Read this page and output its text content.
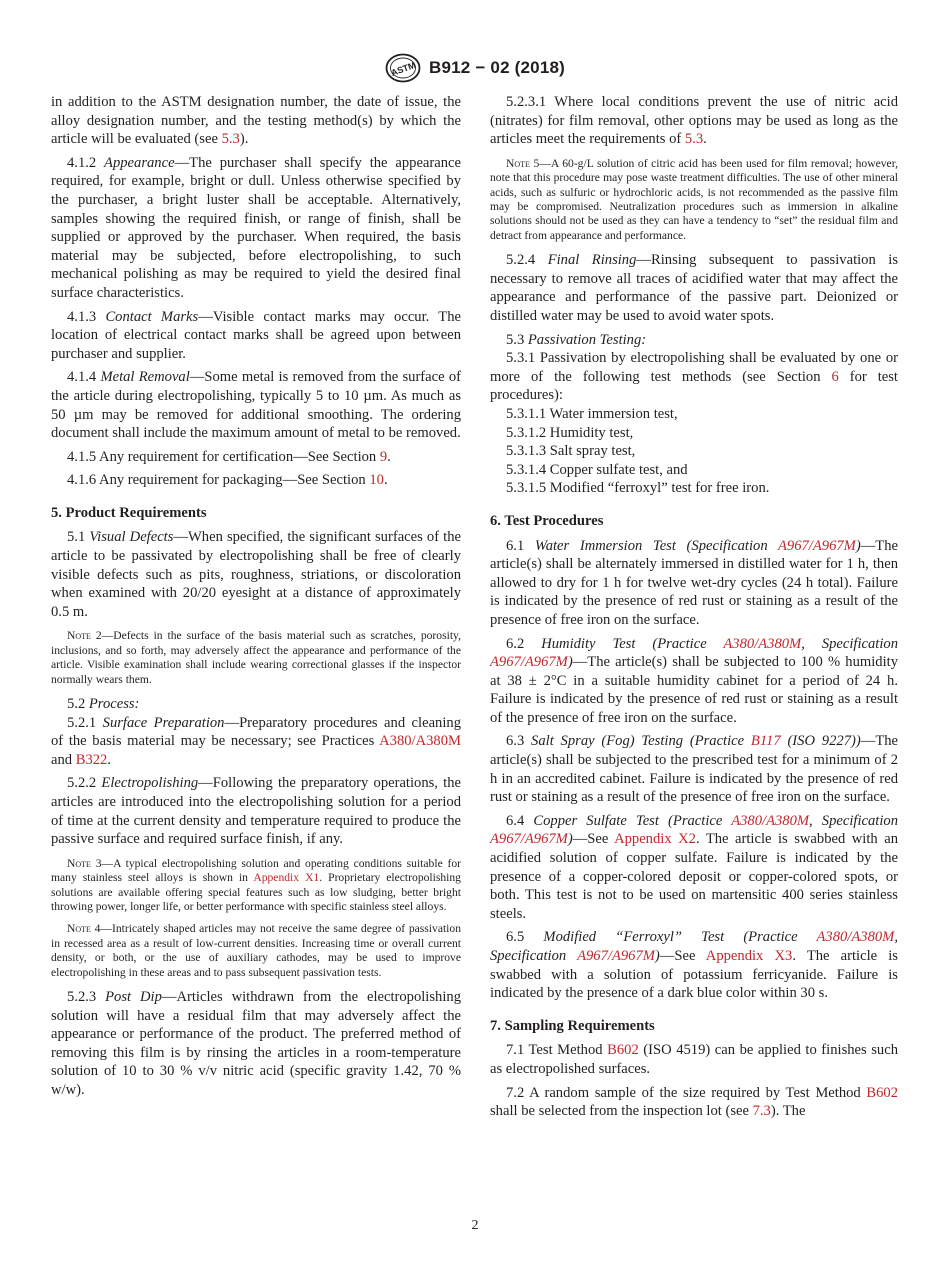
ASTM B912 − 02 (2018)

in addition to the ASTM designation number, the date of issue, the alloy designation number, and the testing method(s) by which the article will be evaluated (see 5.3).

4.1.2 Appearance—The purchaser shall specify the appearance required, for example, bright or dull. Unless otherwise specified by the purchaser, a bright luster shall be acceptable. Alternatively, samples showing the required finish, or range of finish, shall be supplied or approved by the purchaser. When required, the basis material may be subjected, before electropolishing, to such mechanical polishing as may be required to yield the desired final surface characteristics.

4.1.3 Contact Marks—Visible contact marks may occur. The location of electrical contact marks shall be agreed upon between purchaser and supplier.

4.1.4 Metal Removal—Some metal is removed from the surface of the article during electropolishing, typically 5 to 10 µm. As much as 50 µm may be removed for additional smoothing. The ordering document shall include the maximum amount of metal to be removed.

4.1.5 Any requirement for certification—See Section 9.

4.1.6 Any requirement for packaging—See Section 10.

5. Product Requirements

5.1 Visual Defects—When specified, the significant surfaces of the article to be passivated by electropolishing shall be free of clearly visible defects such as pits, roughness, striations, or discoloration when examined with 20/20 eyesight at a distance of approximately 0.5 m.

Note 2—Defects in the surface of the basis material such as scratches, porosity, inclusions, and so forth, may adversely affect the appearance and performance of the article. Visible examination shall include wearing correctional glasses if the inspector normally wears them.

5.2 Process:

5.2.1 Surface Preparation—Preparatory procedures and cleaning of the basis material may be necessary; see Practices A380/A380M and B322.

5.2.2 Electropolishing—Following the preparatory operations, the articles are introduced into the electropolishing solution for a period of time at the current density and temperature required to produce the passive surface and required surface finish, if any.

Note 3—A typical electropolishing solution and operating conditions suitable for many stainless steel alloys is shown in Appendix X1. Proprietary electropolishing solutions are available offering special features such as low sludging, better bright throwing power, longer life, or better performance with specific stainless steel alloys.
Note 4—Intricately shaped articles may not receive the same degree of passivation in recessed area as a result of low-current densities. Increasing time or overall current density, or both, or the use of auxiliary cathodes, may be used to improve electropolishing in these areas and to pass subsequent passivation tests.

5.2.3 Post Dip—Articles withdrawn from the electropolishing solution will have a residual film that may adversely affect the appearance or performance of the product. The preferred method of removing this film is by rinsing the articles in a room-temperature solution of 10 to 30 % v/v nitric acid (specific gravity 1.42, 70 % w/w).

5.2.3.1 Where local conditions prevent the use of nitric acid (nitrates) for film removal, other options may be used as long as the articles meet the requirements of 5.3.

Note 5—A 60-g/L solution of citric acid has been used for film removal; however, note that this procedure may pose waste treatment difficulties. The use of other mineral acids, such as sulfuric or hydrochloric acids, is not recommended as the passive film may be compromised. Neutralization procedures such as immersion in alkaline solutions should not be used as they can have a tendency to “set” the residual film and detract from appearance and performance.

5.2.4 Final Rinsing—Rinsing subsequent to passivation is necessary to remove all traces of acidified water that may affect the appearance and performance of the passive part. Deionized or distilled water may be used to avoid water spots.

5.3 Passivation Testing:

5.3.1 Passivation by electropolishing shall be evaluated by one or more of the following test methods (see Section 6 for test procedures):

5.3.1.1 Water immersion test,

5.3.1.2 Humidity test,

5.3.1.3 Salt spray test,

5.3.1.4 Copper sulfate test, and

5.3.1.5 Modified “ferroxyl” test for free iron.

6. Test Procedures

6.1 Water Immersion Test (Specification A967/A967M)—The article(s) shall be alternately immersed in distilled water for 1 h, then allowed to dry for 1 h for twelve wet-dry cycles (24 h total). Failure is indicated by the presence of red rust or staining as a result of the presence of free iron on the surface.

6.2 Humidity Test (Practice A380/A380M, Specification A967/A967M)—The article(s) shall be subjected to 100 % humidity at 38 ± 2°C in a suitable humidity cabinet for a period of 24 h. Failure is indicated by the presence of red rust or staining as a result of the presence of free iron on the surface.

6.3 Salt Spray (Fog) Testing (Practice B117 (ISO 9227))—The article(s) shall be subjected to the prescribed test for a minimum of 2 h in an accredited cabinet. Failure is indicated by the presence of red rust or staining as a result of the presence of free iron on the surface.

6.4 Copper Sulfate Test (Practice A380/A380M, Specification A967/A967M)—See Appendix X2. The article is swabbed with an acidified solution of copper sulfate. Failure is indicated by the presence of a copper-colored deposit or copper-colored spots, or both. This test is not to be used on martensitic 400 series stainless steels.

6.5 Modified “Ferroxyl” Test (Practice A380/A380M, Specification A967/A967M)—See Appendix X3. The article is swabbed with a solution of potassium ferricyanide. Failure is indicated by the presence of a dark blue color within 30 s.

7. Sampling Requirements

7.1 Test Method B602 (ISO 4519) can be applied to finishes such as electropolished surfaces.

7.2 A random sample of the size required by Test Method B602 shall be selected from the inspection lot (see 7.3). The

2
